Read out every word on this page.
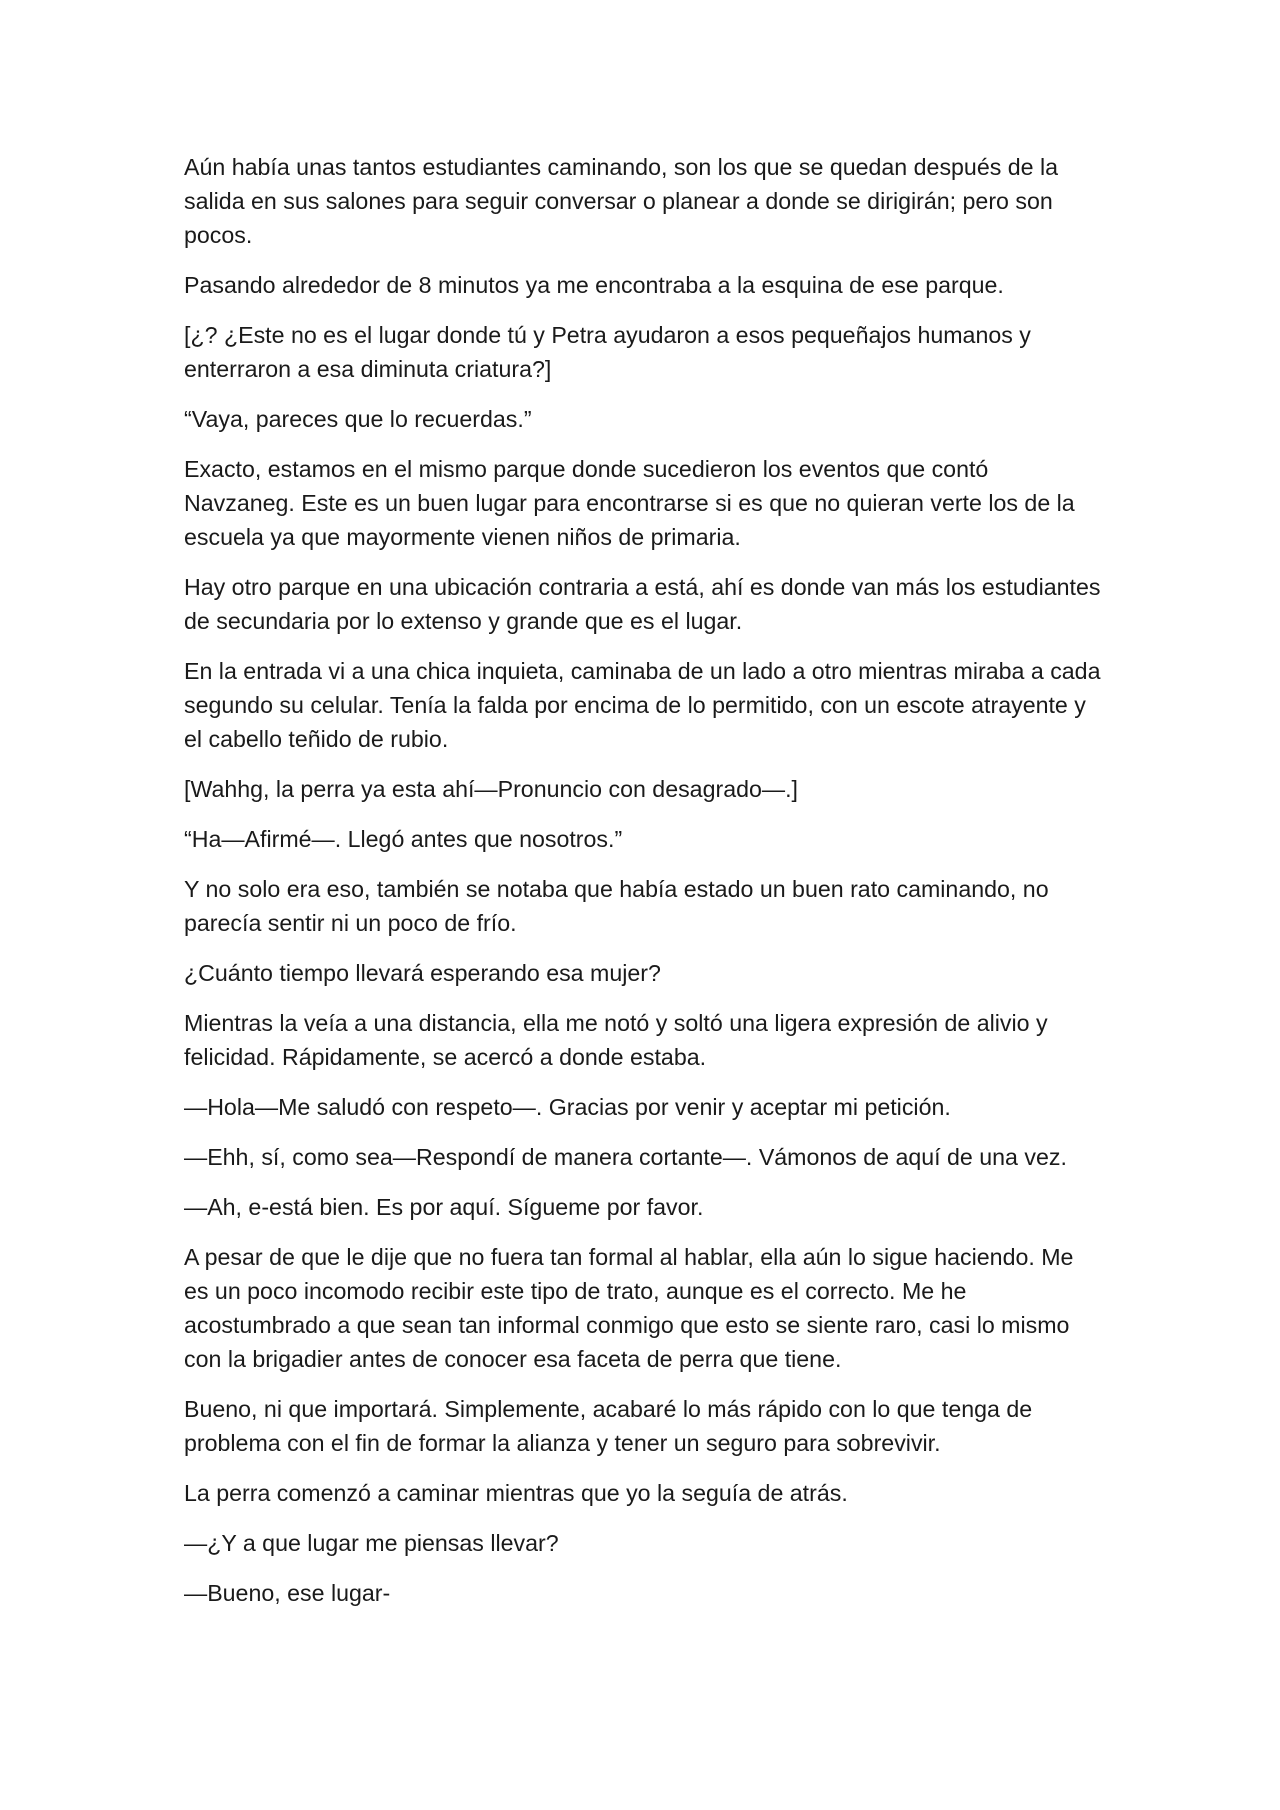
Aún había unas tantos estudiantes caminando, son los que se quedan después de la salida en sus salones para seguir conversar o planear a donde se dirigirán; pero son pocos.

Pasando alrededor de 8 minutos ya me encontraba a la esquina de ese parque.

[¿? ¿Este no es el lugar donde tú y Petra ayudaron a esos pequeñajos humanos y enterraron a esa diminuta criatura?]

“Vaya, pareces que lo recuerdas.”

Exacto, estamos en el mismo parque donde sucedieron los eventos que contó Navzaneg. Este es un buen lugar para encontrarse si es que no quieran verte los de la escuela ya que mayormente vienen niños de primaria.

Hay otro parque en una ubicación contraria a está, ahí es donde van más los estudiantes de secundaria por lo extenso y grande que es el lugar.

En la entrada vi a una chica inquieta, caminaba de un lado a otro mientras miraba a cada segundo su celular. Tenía la falda por encima de lo permitido, con un escote atrayente y el cabello teñido de rubio.

[Wahhg, la perra ya esta ahí—Pronuncio con desagrado—.]

“Ha—Afirmé—. Llegó antes que nosotros.”

Y no solo era eso, también se notaba que había estado un buen rato caminando, no parecía sentir ni un poco de frío.

¿Cuánto tiempo llevará esperando esa mujer?

Mientras la veía a una distancia, ella me notó y soltó una ligera expresión de alivio y felicidad. Rápidamente, se acercó a donde estaba.

—Hola—Me saludó con respeto—. Gracias por venir y aceptar mi petición.

—Ehh, sí, como sea—Respondí de manera cortante—. Vámonos de aquí de una vez.

—Ah, e-está bien. Es por aquí. Sígueme por favor.

A pesar de que le dije que no fuera tan formal al hablar, ella aún lo sigue haciendo. Me es un poco incomodo recibir este tipo de trato, aunque es el correcto. Me he acostumbrado a que sean tan informal conmigo que esto se siente raro, casi lo mismo con la brigadier antes de conocer esa faceta de perra que tiene.

Bueno, ni que importará. Simplemente, acabaré lo más rápido con lo que tenga de problema con el fin de formar la alianza y tener un seguro para sobrevivir.

La perra comenzó a caminar mientras que yo la seguía de atrás.

—¿Y a que lugar me piensas llevar?

—Bueno, ese lugar-
